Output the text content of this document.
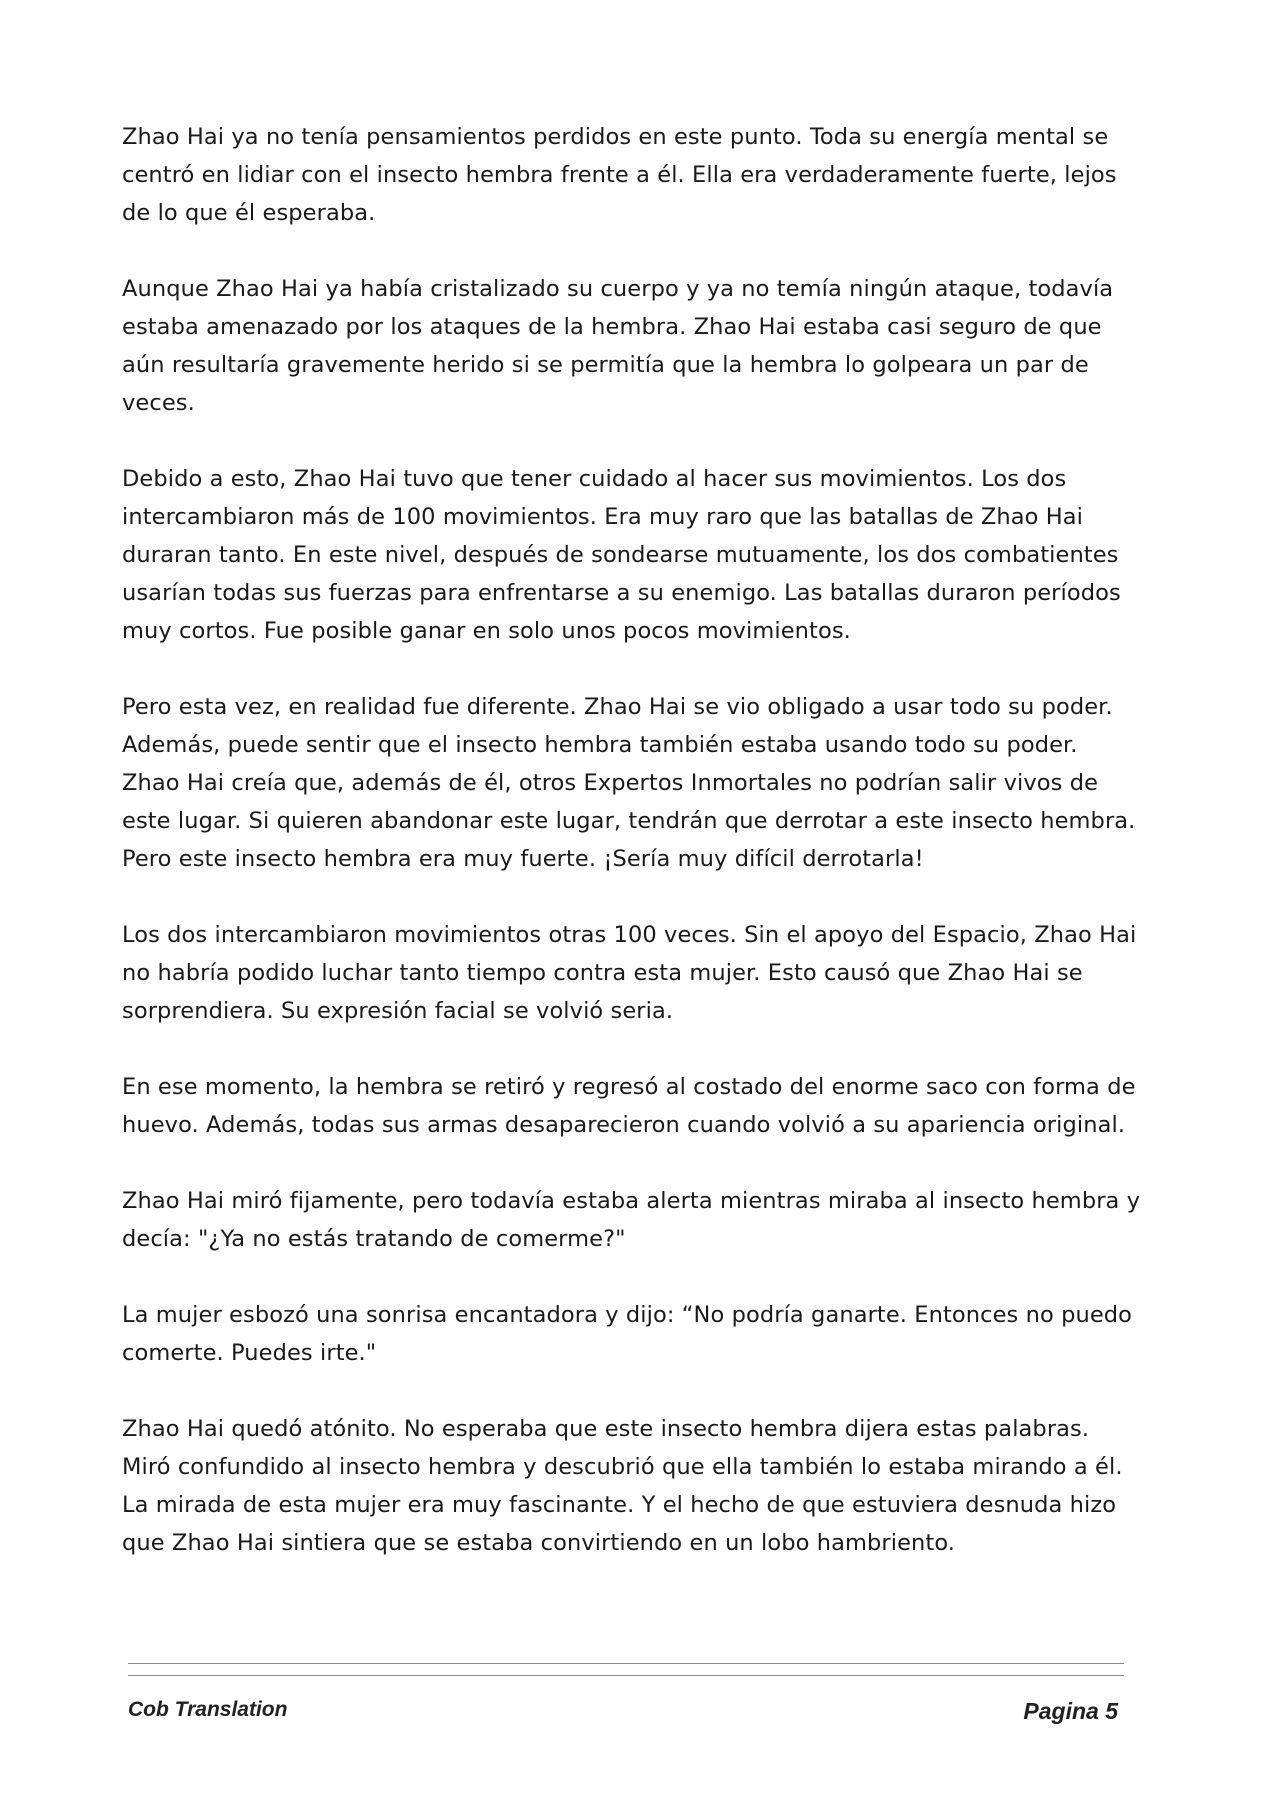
Zhao Hai ya no tenía pensamientos perdidos en este punto. Toda su energía mental se centró en lidiar con el insecto hembra frente a él. Ella era verdaderamente fuerte, lejos de lo que él esperaba.

Aunque Zhao Hai ya había cristalizado su cuerpo y ya no temía ningún ataque, todavía estaba amenazado por los ataques de la hembra. Zhao Hai estaba casi seguro de que aún resultaría gravemente herido si se permitía que la hembra lo golpeara un par de veces.

Debido a esto, Zhao Hai tuvo que tener cuidado al hacer sus movimientos. Los dos intercambiaron más de 100 movimientos. Era muy raro que las batallas de Zhao Hai duraran tanto. En este nivel, después de sondearse mutuamente, los dos combatientes usarían todas sus fuerzas para enfrentarse a su enemigo. Las batallas duraron períodos muy cortos. Fue posible ganar en solo unos pocos movimientos.

Pero esta vez, en realidad fue diferente. Zhao Hai se vio obligado a usar todo su poder. Además, puede sentir que el insecto hembra también estaba usando todo su poder. Zhao Hai creía que, además de él, otros Expertos Inmortales no podrían salir vivos de este lugar. Si quieren abandonar este lugar, tendrán que derrotar a este insecto hembra. Pero este insecto hembra era muy fuerte. ¡Sería muy difícil derrotarla!

Los dos intercambiaron movimientos otras 100 veces. Sin el apoyo del Espacio, Zhao Hai no habría podido luchar tanto tiempo contra esta mujer. Esto causó que Zhao Hai se sorprendiera. Su expresión facial se volvió seria.

En ese momento, la hembra se retiró y regresó al costado del enorme saco con forma de huevo. Además, todas sus armas desaparecieron cuando volvió a su apariencia original.

Zhao Hai miró fijamente, pero todavía estaba alerta mientras miraba al insecto hembra y decía: "¿Ya no estás tratando de comerme?"

La mujer esbozó una sonrisa encantadora y dijo: “No podría ganarte. Entonces no puedo comerte. Puedes irte."

Zhao Hai quedó atónito. No esperaba que este insecto hembra dijera estas palabras. Miró confundido al insecto hembra y descubrió que ella también lo estaba mirando a él. La mirada de esta mujer era muy fascinante. Y el hecho de que estuviera desnuda hizo que Zhao Hai sintiera que se estaba convirtiendo en un lobo hambriento.

Cob Translation	Pagina 5
